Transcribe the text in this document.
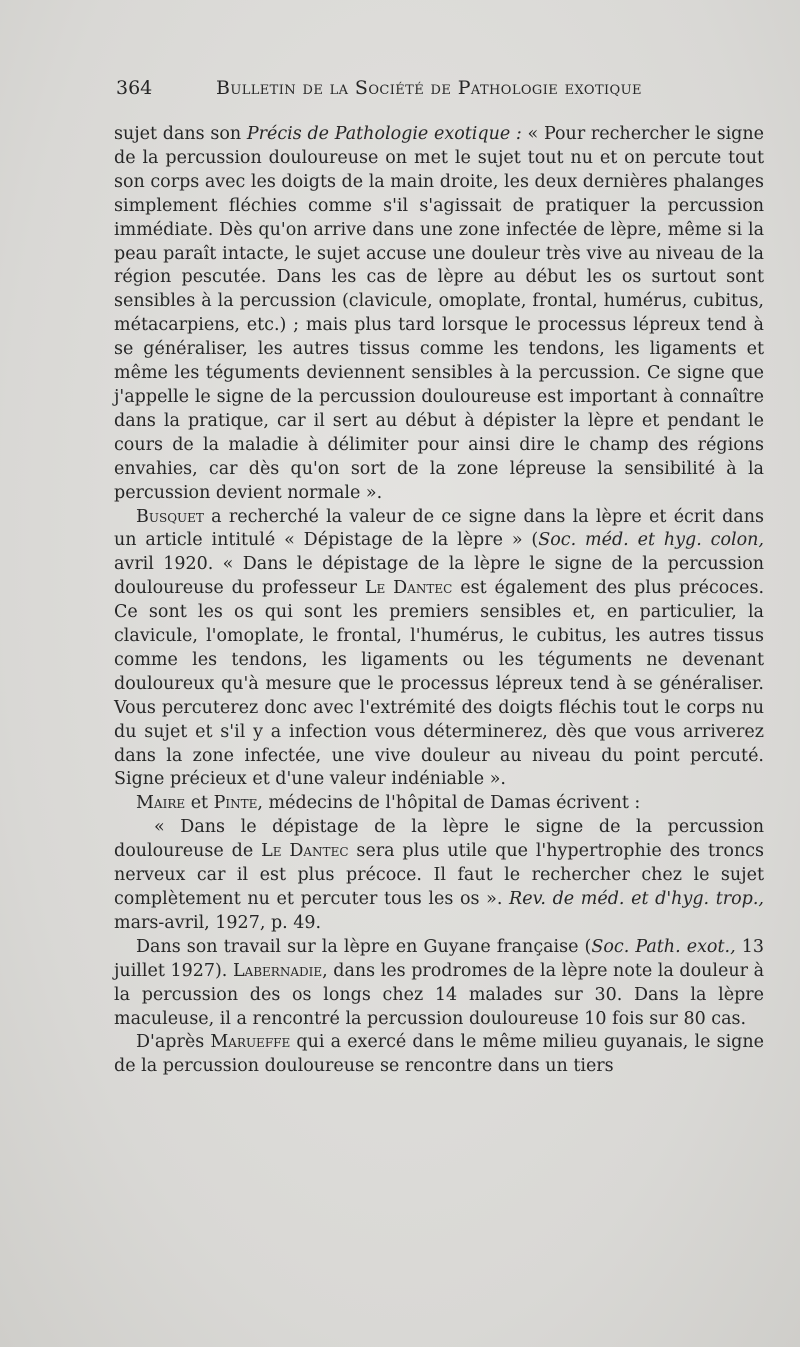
364	Bulletin de la Société de Pathologie exotique

sujet dans son Précis de Pathologie exotique : « Pour rechercher le signe de la percussion douloureuse on met le sujet tout nu et on percute tout son corps avec les doigts de la main droite, les deux dernières phalanges simplement fléchies comme s'il s'agissait de pratiquer la percussion immédiate. Dès qu'on arrive dans une zone infectée de lèpre, même si la peau paraît intacte, le sujet accuse une douleur très vive au niveau de la région pescutée. Dans les cas de lèpre au début les os surtout sont sensibles à la percussion (clavicule, omoplate, frontal, humérus, cubitus, métacarpiens, etc.) ; mais plus tard lorsque le processus lépreux tend à se généraliser, les autres tissus comme les tendons, les ligaments et même les téguments deviennent sensibles à la percussion. Ce signe que j'appelle le signe de la percussion douloureuse est important à connaître dans la pratique, car il sert au début à dépister la lèpre et pendant le cours de la maladie à délimiter pour ainsi dire le champ des régions envahies, car dès qu'on sort de la zone lépreuse la sensibilité à la percussion devient normale ».

Busquet a recherché la valeur de ce signe dans la lèpre et écrit dans un article intitulé « Dépistage de la lèpre » (Soc. méd. et hyg. colon, avril 1920. « Dans le dépistage de la lèpre le signe de la percussion douloureuse du professeur Le Dantec est également des plus précoces. Ce sont les os qui sont les premiers sensibles et, en particulier, la clavicule, l'omoplate, le frontal, l'humérus, le cubitus, les autres tissus comme les tendons, les ligaments ou les téguments ne devenant douloureux qu'à mesure que le processus lépreux tend à se généraliser. Vous percuterez donc avec l'extrémité des doigts fléchis tout le corps nu du sujet et s'il y a infection vous déterminerez, dès que vous arriverez dans la zone infectée, une vive douleur au niveau du point percuté. Signe précieux et d'une valeur indéniable ».

Maire et Pinte, médecins de l'hôpital de Damas écrivent :

« Dans le dépistage de la lèpre le signe de la percussion douloureuse de Le Dantec sera plus utile que l'hypertrophie des troncs nerveux car il est plus précoce. Il faut le rechercher chez le sujet complètement nu et percuter tous les os ». Rev. de méd. et d'hyg. trop., mars-avril, 1927, p. 49.

Dans son travail sur la lèpre en Guyane française (Soc. Path. exot., 13 juillet 1927). Labernadie, dans les prodromes de la lèpre note la douleur à la percussion des os longs chez 14 malades sur 30. Dans la lèpre maculeuse, il a rencontré la percussion douloureuse 10 fois sur 80 cas.

D'après Marueffe qui a exercé dans le même milieu guyanais, le signe de la percussion douloureuse se rencontre dans un tiers
